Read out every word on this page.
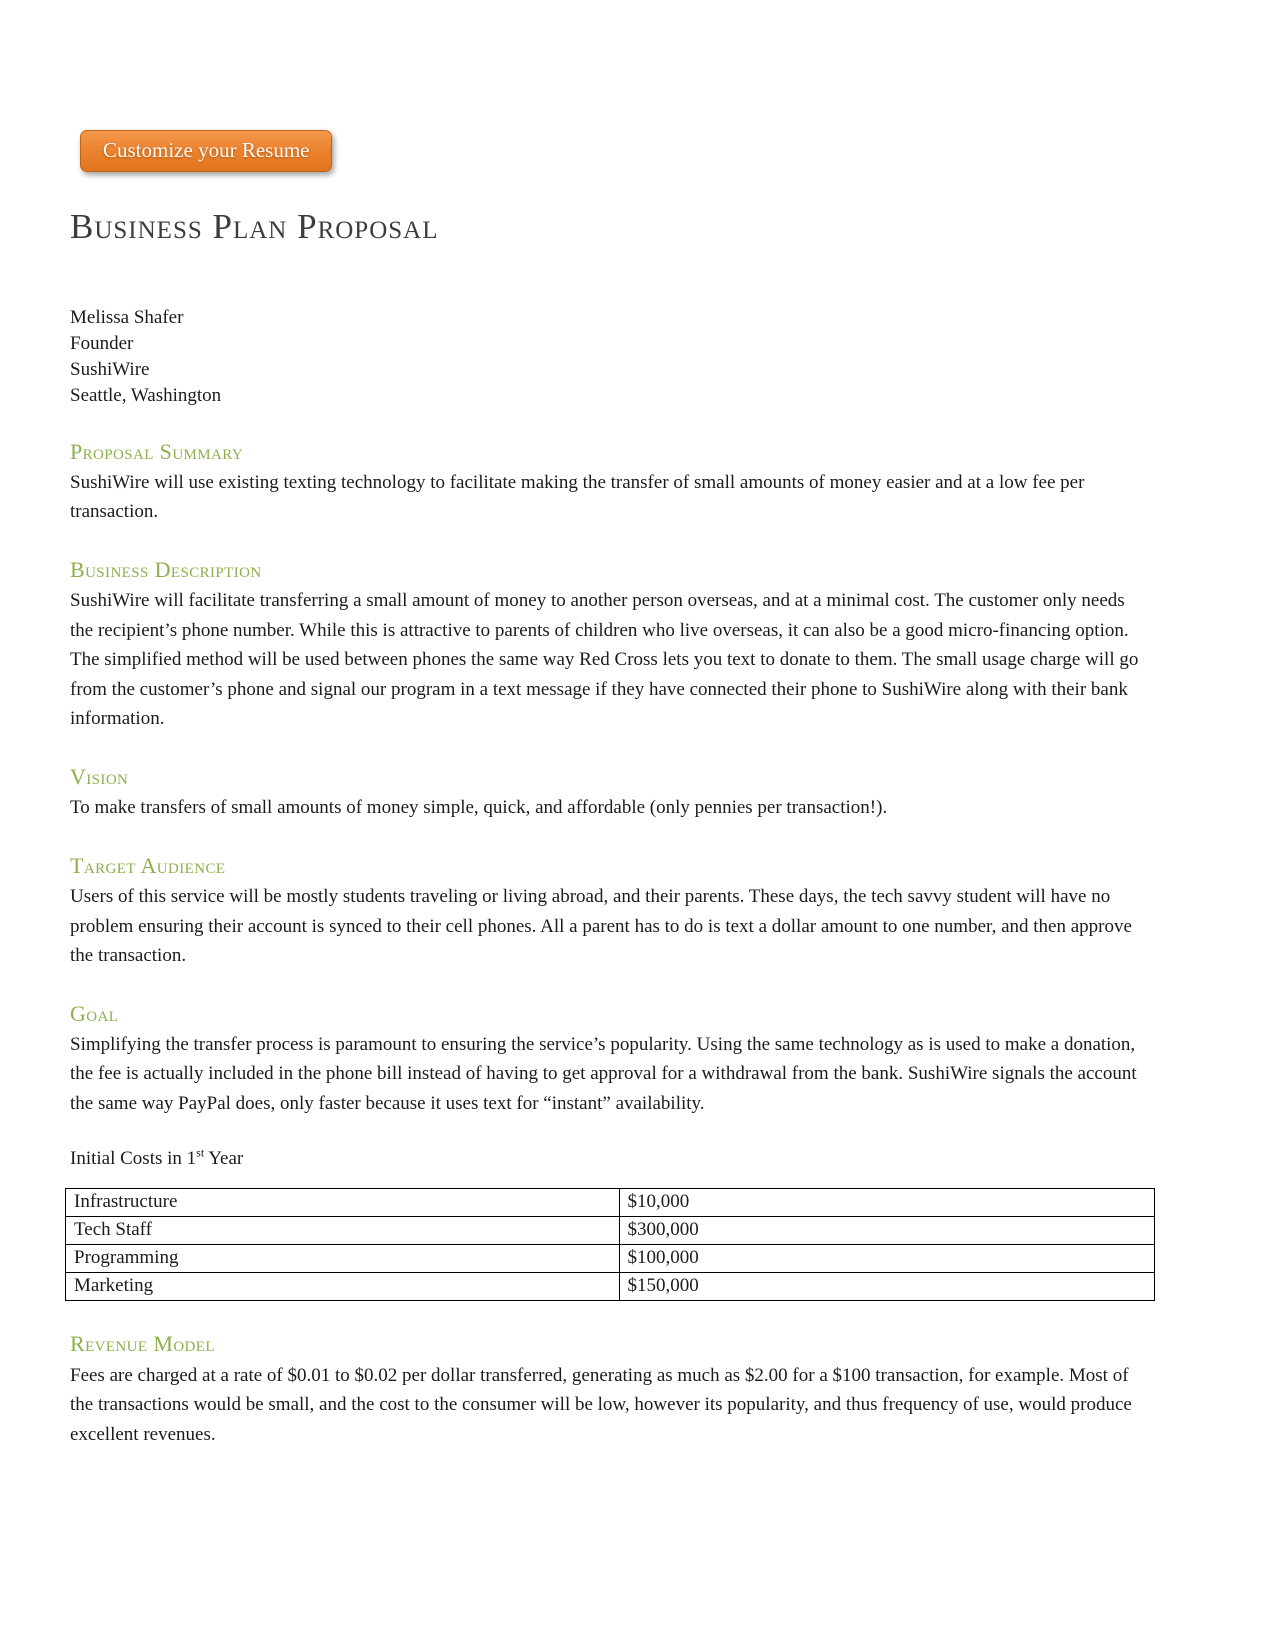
Customize your Resume
Business Plan Proposal
Melissa Shafer
Founder
SushiWire
Seattle, Washington
Proposal Summary

SushiWire will use existing texting technology to facilitate making the transfer of small amounts of money easier and at a low fee per transaction.

Business Description

SushiWire will facilitate transferring a small amount of money to another person overseas, and at a minimal cost. The customer only needs the recipient’s phone number. While this is attractive to parents of children who live overseas, it can also be a good micro-financing option. The simplified method will be used between phones the same way Red Cross lets you text to donate to them. The small usage charge will go from the customer’s phone and signal our program in a text message if they have connected their phone to SushiWire along with their bank information.

Vision

To make transfers of small amounts of money simple, quick, and affordable (only pennies per transaction!).

Target Audience

Users of this service will be mostly students traveling or living abroad, and their parents. These days, the tech savvy student will have no problem ensuring their account is synced to their cell phones. All a parent has to do is text a dollar amount to one number, and then approve the transaction.

Goal

Simplifying the transfer process is paramount to ensuring the service’s popularity. Using the same technology as is used to make a donation, the fee is actually included in the phone bill instead of having to get approval for a withdrawal from the bank. SushiWire signals the account the same way PayPal does, only faster because it uses text for “instant” availability.

Initial Costs in 1st Year

Infrastructure	$10,000
Tech Staff	$300,000
Programming	$100,000
Marketing	$150,000
Revenue Model

Fees are charged at a rate of $0.01 to $0.02 per dollar transferred, generating as much as $2.00 for a $100 transaction, for example. Most of the transactions would be small, and the cost to the consumer will be low, however its popularity, and thus frequency of use, would produce excellent revenues.
